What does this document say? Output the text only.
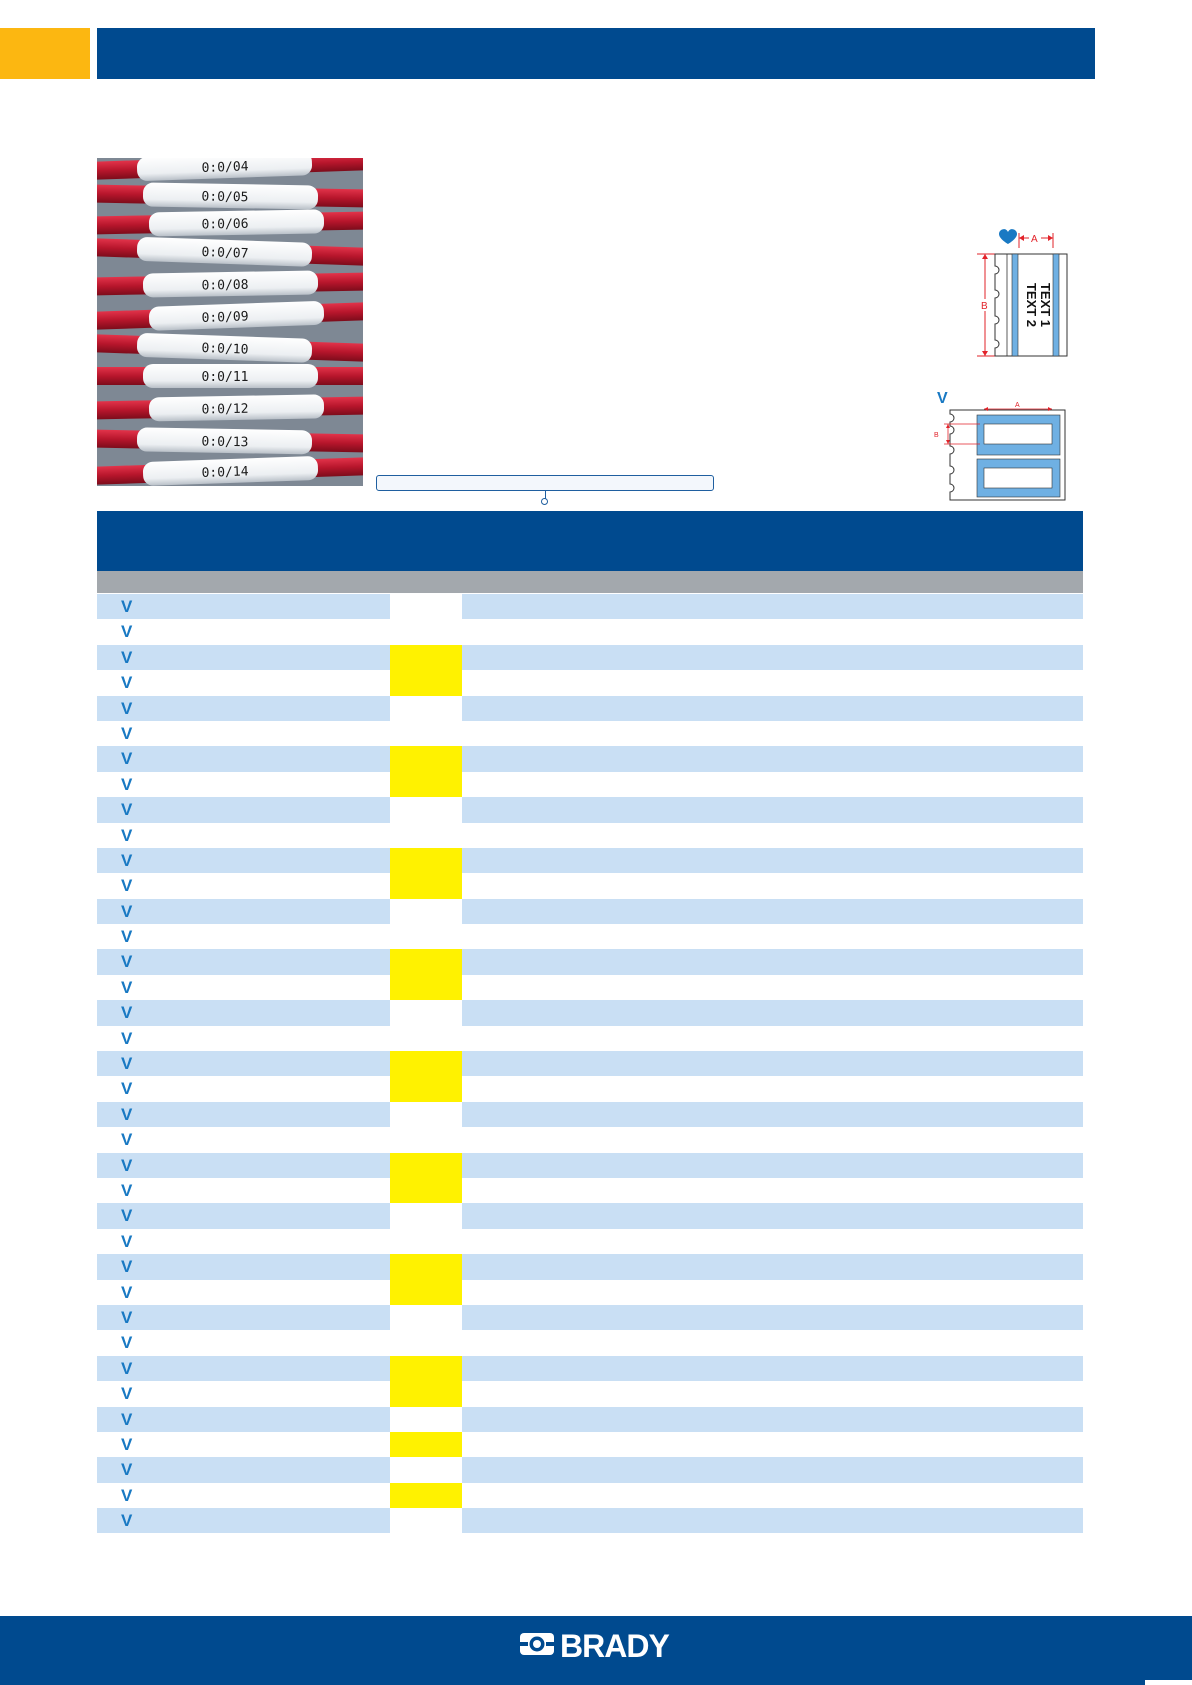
0:0/04
0:0/05
0:0/06
0:0/07
0:0/08
0:0/09
0:0/10
0:0/11
0:0/12
0:0/13
0:0/14
A
B	TEXT 1
TEXT 2
V	A
B
V
V
V
V
V
V
V
V
V
V
V
V
V
V
V
V
V
V
V
V
V
V
V
V
V
V
V
V
V
V
V
V
V
V
V
V
V
BRADY
